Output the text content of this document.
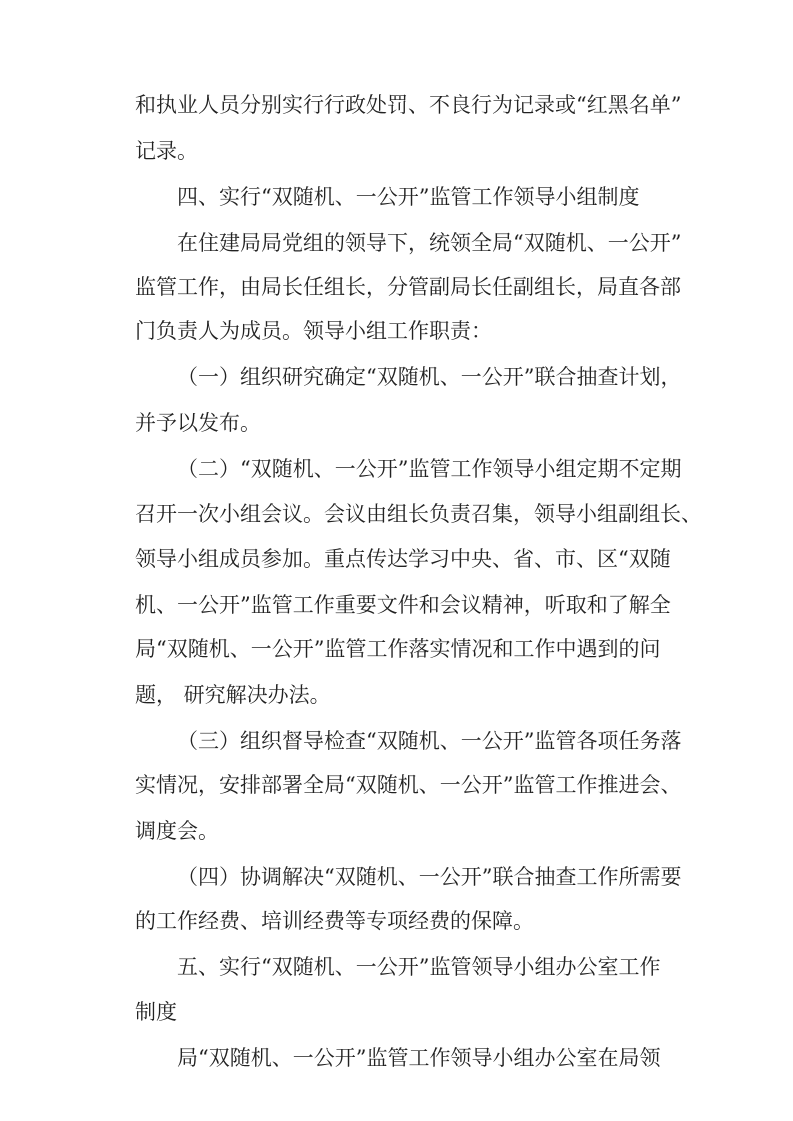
和执业人员分别实行行政处罚、不良行为记录或“红黑名单”
记录。
四、实行“双随机、一公开”监管工作领导小组制度
在住建局局党组的领导下，统领全局“双随机、一公开”
监管工作，由局长任组长，分管副局长任副组长，局直各部
门负责人为成员。领导小组工作职责：
（一）组织研究确定“双随机、一公开”联合抽查计划，
并予以发布。
（二）“双随机、一公开”监管工作领导小组定期不定期
召开一次小组会议。会议由组长负责召集，领导小组副组长、
领导小组成员参加。重点传达学习中央、省、市、区“双随
机、一公开”监管工作重要文件和会议精神，听取和了解全
局“双随机、一公开”监管工作落实情况和工作中遇到的问
题， 研究解决办法。
（三）组织督导检查“双随机、一公开”监管各项任务落
实情况，安排部署全局“双随机、一公开”监管工作推进会、
调度会。
（四）协调解决“双随机、一公开”联合抽查工作所需要
的工作经费、培训经费等专项经费的保障。
五、实行“双随机、一公开”监管领导小组办公室工作
制度
局“双随机、一公开”监管工作领导小组办公室在局领
